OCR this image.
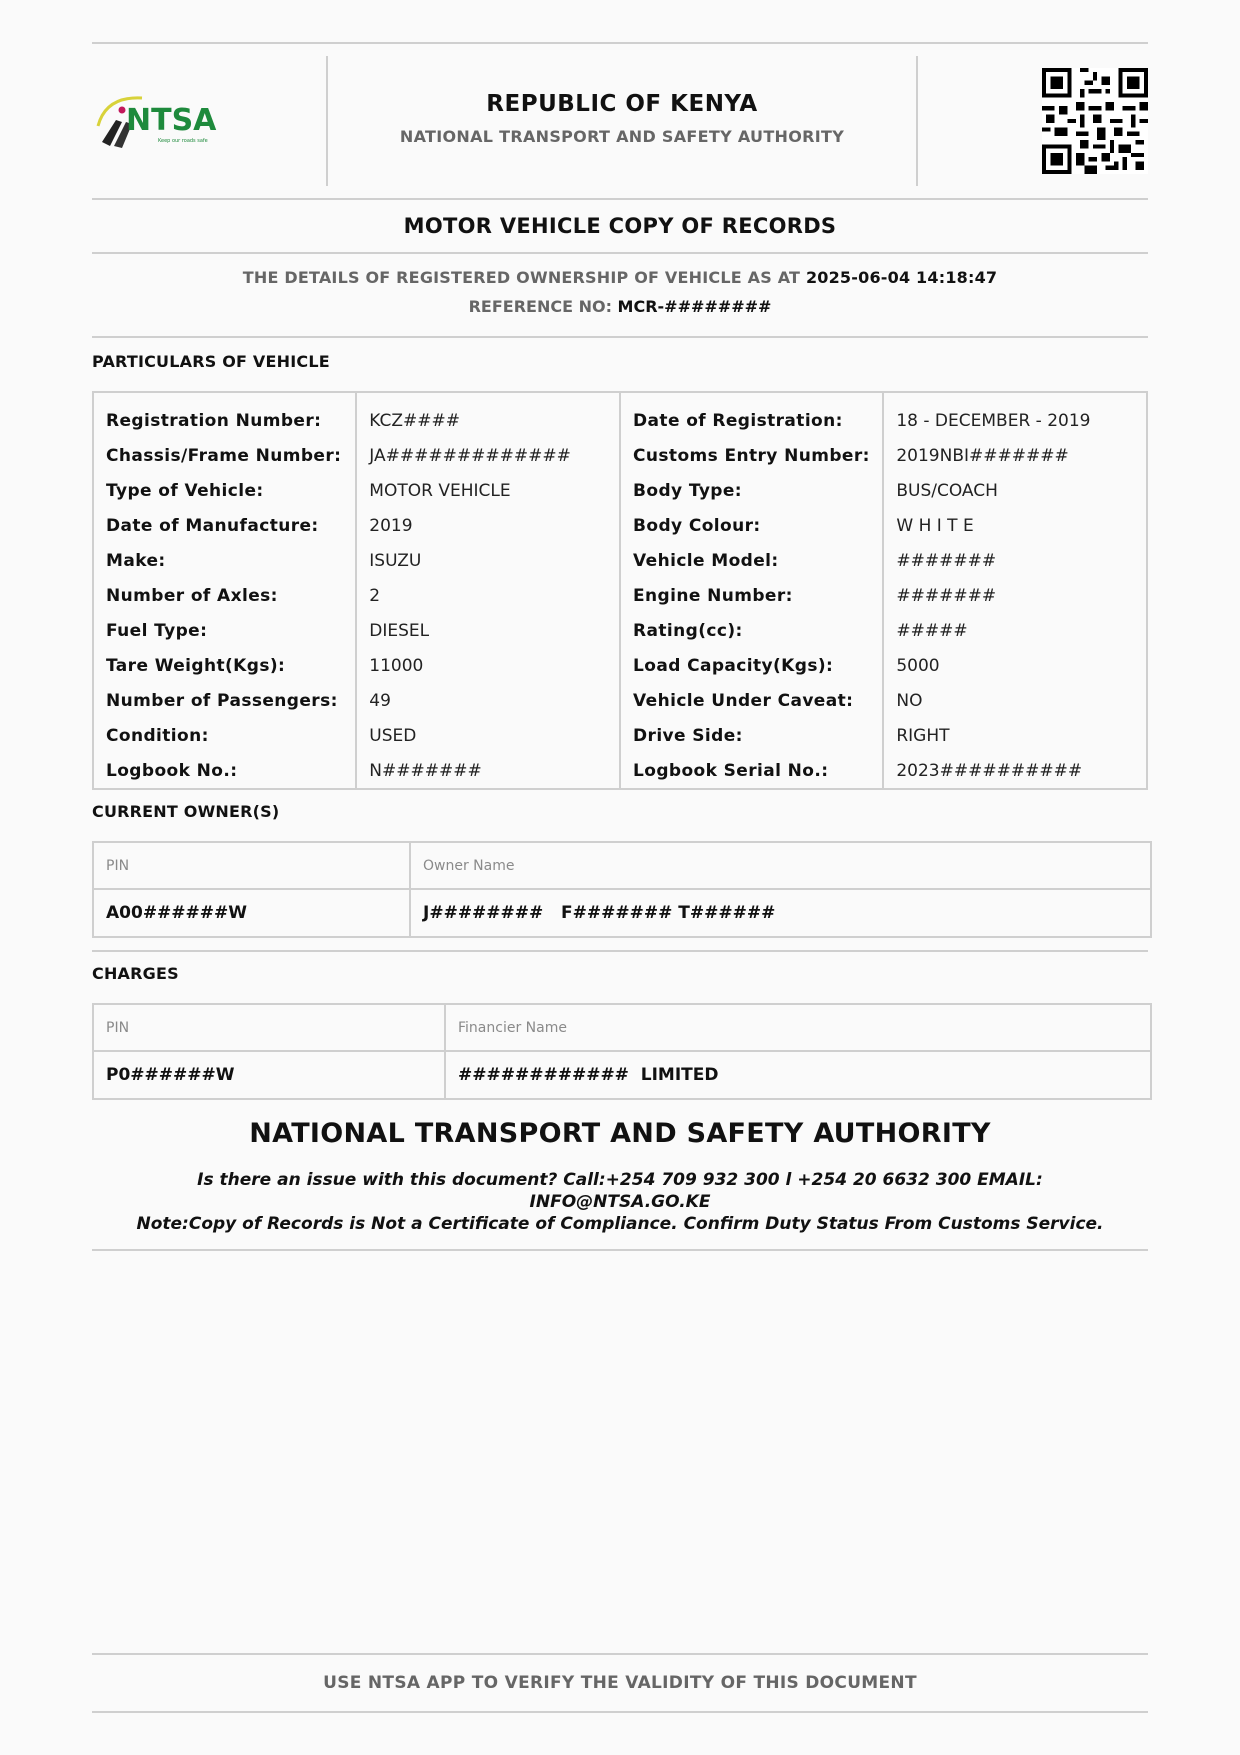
NTSA
Keep our roads safe
REPUBLIC OF KENYA
NATIONAL TRANSPORT AND SAFETY AUTHORITY
MOTOR VEHICLE COPY OF RECORDS
THE DETAILS OF REGISTERED OWNERSHIP OF VEHICLE AS AT 2025-06-04 14:18:47
REFERENCE NO: MCR-########
PARTICULARS OF VEHICLE
Registration Number:	KCZ####	Date of Registration:	18 - DECEMBER - 2019
Chassis/Frame Number:	JA#############	Customs Entry Number:	2019NBI#######
Type of Vehicle:	MOTOR VEHICLE	Body Type:	BUS/COACH
Date of Manufacture:	2019	Body Colour:	W H I T E
Make:	ISUZU	Vehicle Model:	#######
Number of Axles:	2	Engine Number:	#######
Fuel Type:	DIESEL	Rating(cc):	#####
Tare Weight(Kgs):	11000	Load Capacity(Kgs):	5000
Number of Passengers:	49	Vehicle Under Caveat:	NO
Condition:	USED	Drive Side:	RIGHT
Logbook No.:	N#######	Logbook Serial No.:	2023##########
CURRENT OWNER(S)
PIN	Owner Name
A00######W	J########   F####### T######
CHARGES
PIN	Financier Name
P0######W	############  LIMITED
NATIONAL TRANSPORT AND SAFETY AUTHORITY
Is there an issue with this document? Call:+254 709 932 300 l +254 20 6632 300 EMAIL:
INFO@NTSA.GO.KE
Note:Copy of Records is Not a Certificate of Compliance. Confirm Duty Status From Customs Service.
USE NTSA APP TO VERIFY THE VALIDITY OF THIS DOCUMENT
